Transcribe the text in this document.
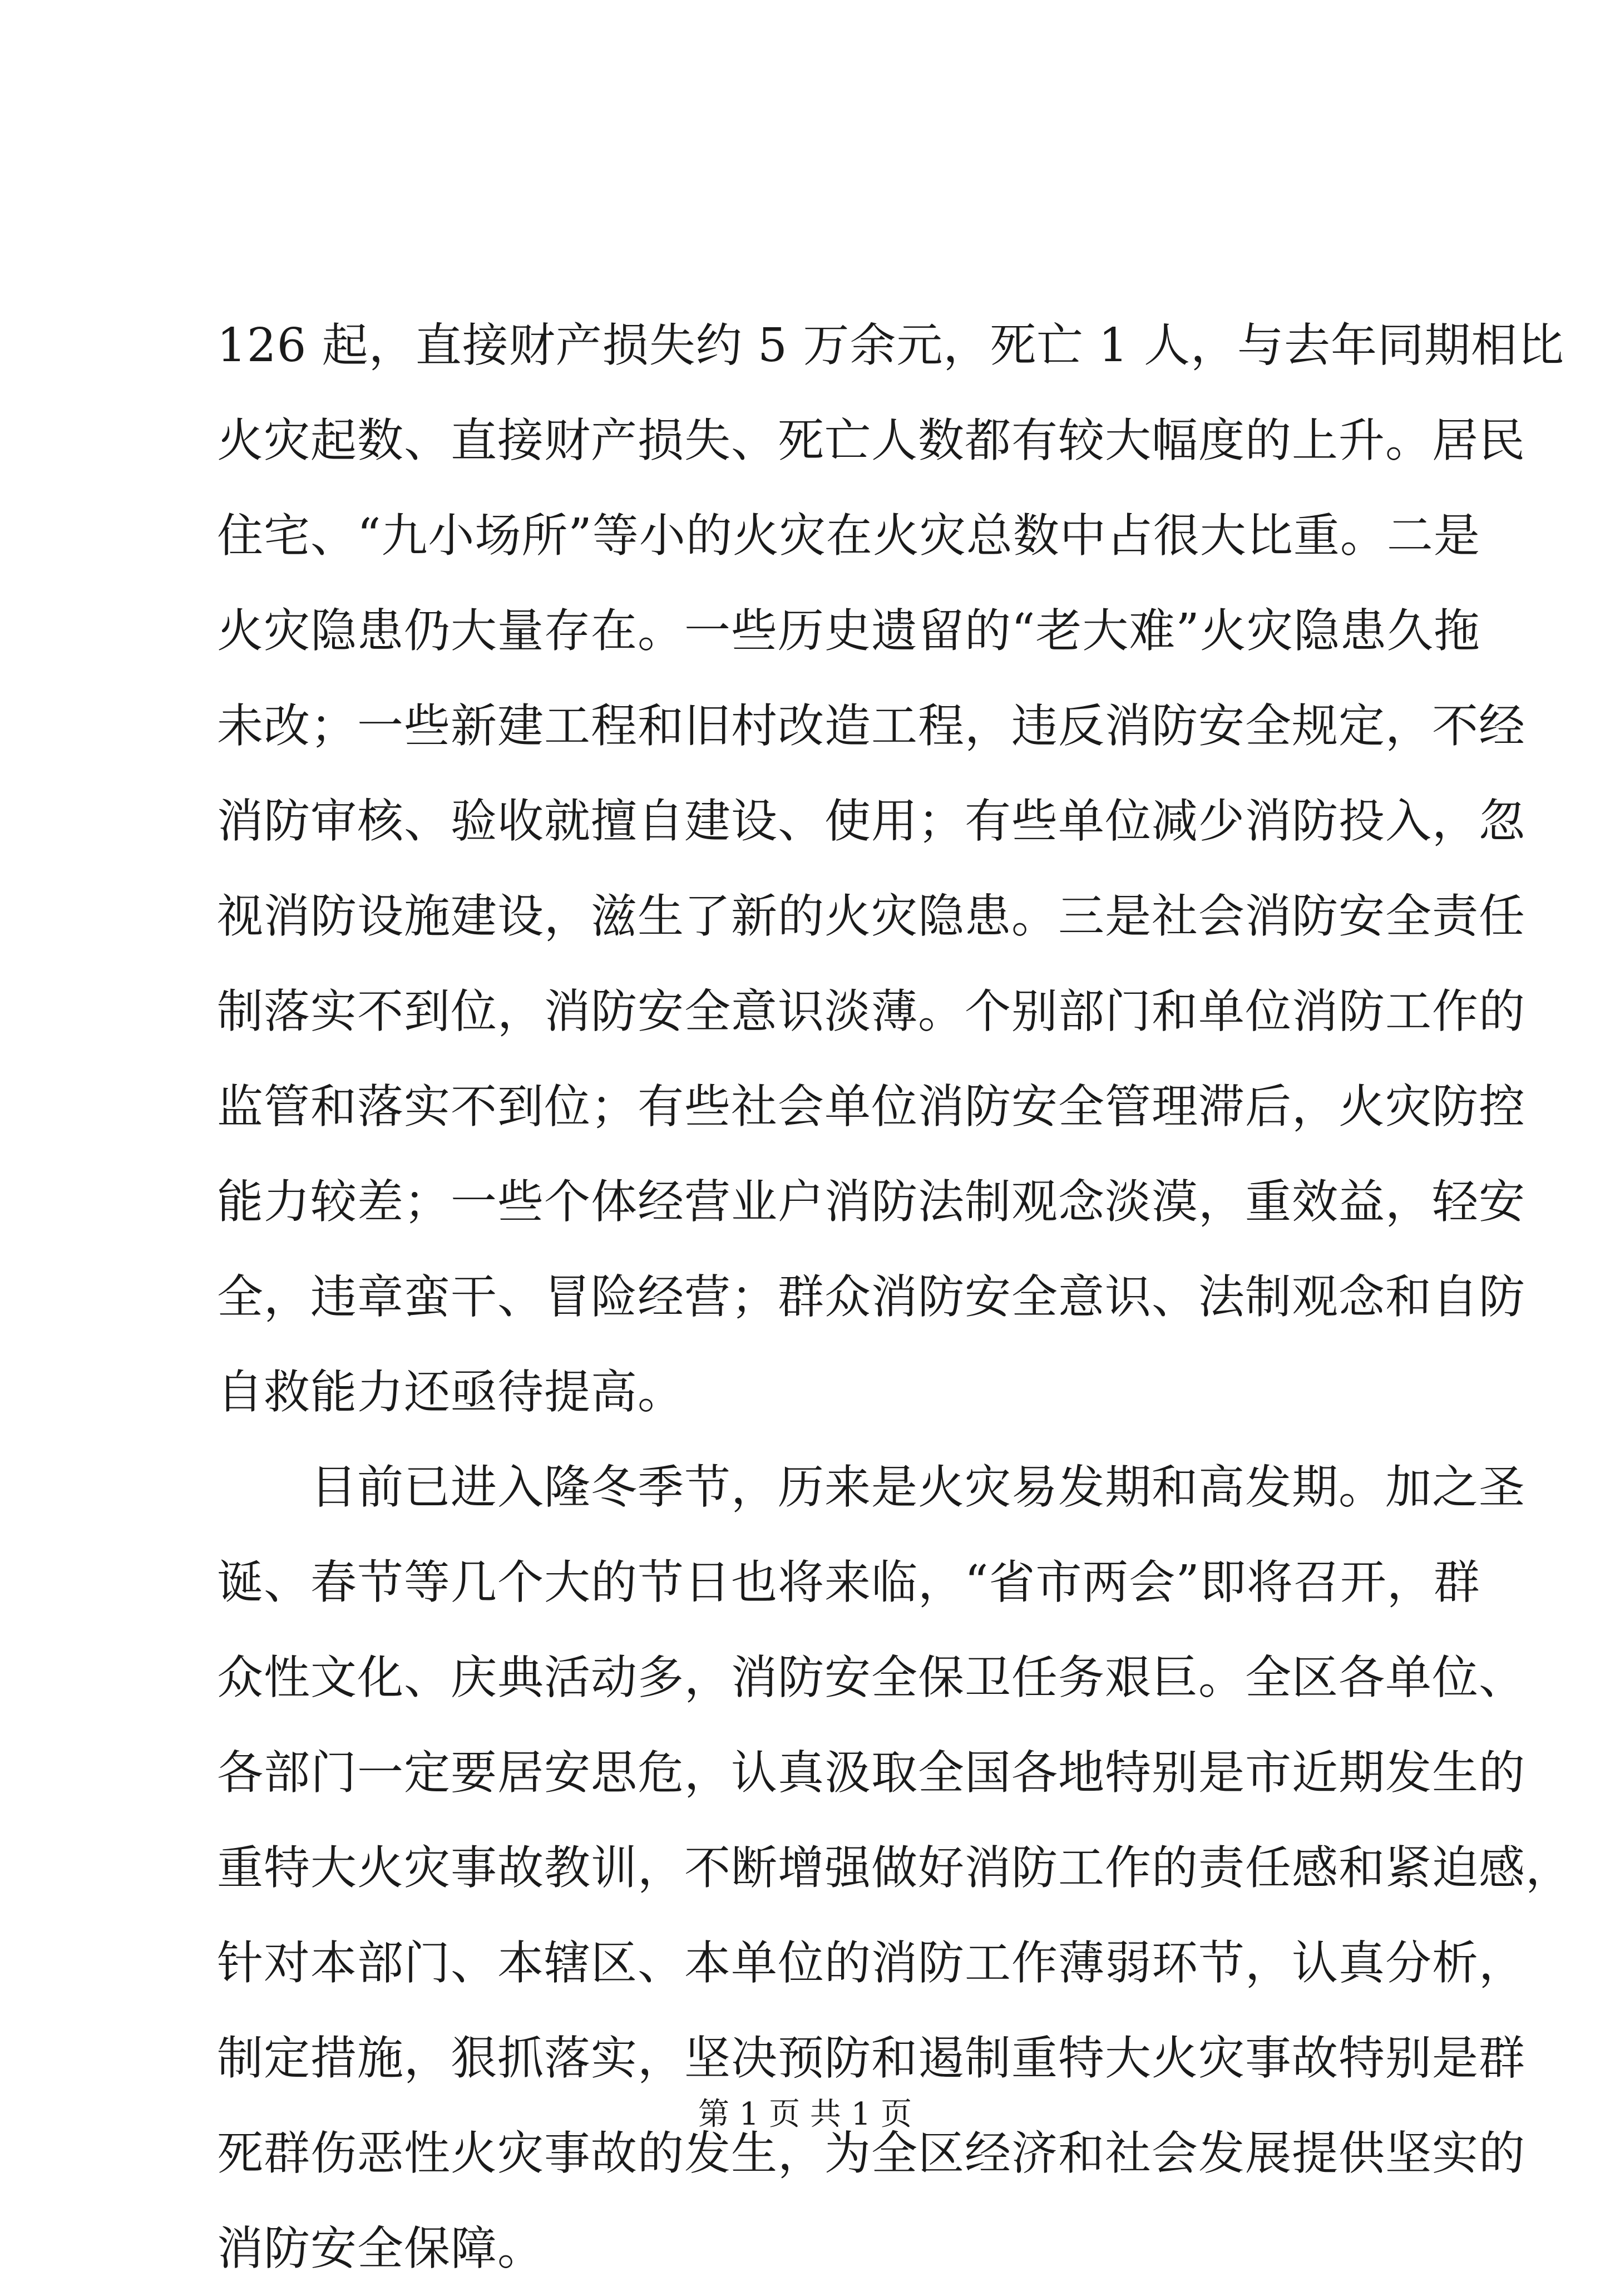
126 起，直接财产损失约 5 万余元，死亡 1 人，与去年同期相比
火灾起数、直接财产损失、死亡人数都有较大幅度的上升。居民
住宅、“九小场所”等小的火灾在火灾总数中占很大比重。二是
火灾隐患仍大量存在。一些历史遗留的“老大难”火灾隐患久拖
未改；一些新建工程和旧村改造工程，违反消防安全规定，不经
消防审核、验收就擅自建设、使用；有些单位减少消防投入，忽
视消防设施建设，滋生了新的火灾隐患。三是社会消防安全责任
制落实不到位，消防安全意识淡薄。个别部门和单位消防工作的
监管和落实不到位；有些社会单位消防安全管理滞后，火灾防控
能力较差；一些个体经营业户消防法制观念淡漠，重效益，轻安
全，违章蛮干、冒险经营；群众消防安全意识、法制观念和自防
自救能力还亟待提高。
目前已进入隆冬季节，历来是火灾易发期和高发期。加之圣
诞、春节等几个大的节日也将来临，“省市两会”即将召开，群
众性文化、庆典活动多，消防安全保卫任务艰巨。全区各单位、
各部门一定要居安思危，认真汲取全国各地特别是市近期发生的
重特大火灾事故教训，不断增强做好消防工作的责任感和紧迫感，
针对本部门、本辖区、本单位的消防工作薄弱环节，认真分析，
制定措施，狠抓落实，坚决预防和遏制重特大火灾事故特别是群
死群伤恶性火灾事故的发生，为全区经济和社会发展提供坚实的
消防安全保障。
第 1 页 共 1 页
